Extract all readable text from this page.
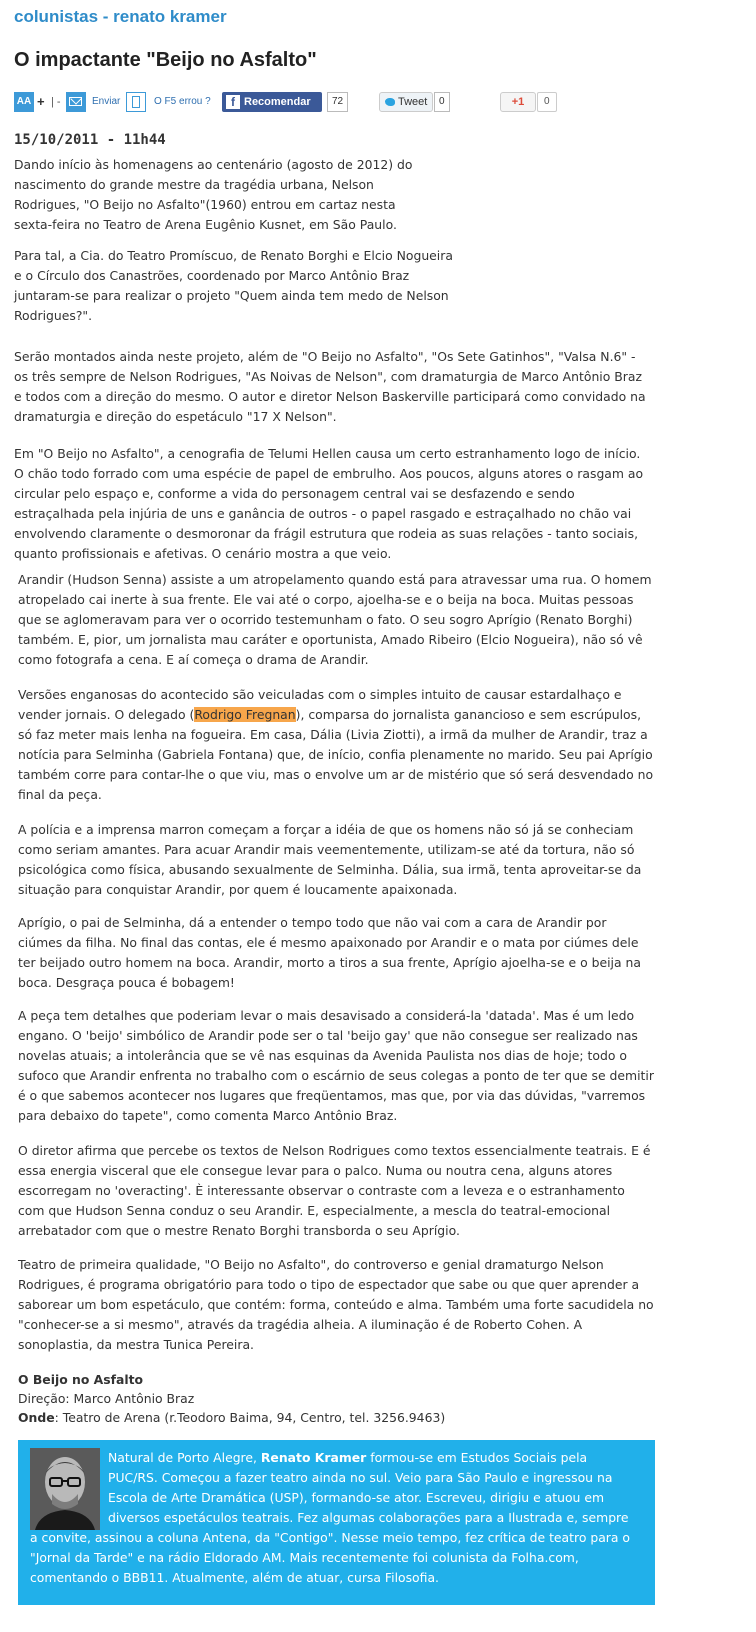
colunistas - renato kramer
O impactante "Beijo no Asfalto"
AA + | -	Enviar	O F5 errou ?	f Recomendar	72	Tweet	0	+1	0
15/10/2011 - 11h44

Dando início às homenagens ao centenário (agosto de 2012) do nascimento do grande mestre da tragédia urbana, Nelson Rodrigues, "O Beijo no Asfalto"(1960) entrou em cartaz nesta sexta-feira no Teatro de Arena Eugênio Kusnet, em São Paulo.

Para tal, a Cia. do Teatro Promíscuo, de Renato Borghi e Elcio Nogueira e o Círculo dos Canastrões, coordenado por Marco Antônio Braz juntaram-se para realizar o projeto "Quem ainda tem medo de Nelson Rodrigues?".

Serão montados ainda neste projeto, além de "O Beijo no Asfalto", "Os Sete Gatinhos", "Valsa N.6" - os três sempre de Nelson Rodrigues, "As Noivas de Nelson", com dramaturgia de Marco Antônio Braz e todos com a direção do mesmo. O autor e diretor Nelson Baskerville participará como convidado na dramaturgia e direção do espetáculo "17 X Nelson".

Em "O Beijo no Asfalto", a cenografia de Telumi Hellen causa um certo estranhamento logo de início. O chão todo forrado com uma espécie de papel de embrulho. Aos poucos, alguns atores o rasgam ao circular pelo espaço e, conforme a vida do personagem central vai se desfazendo e sendo estraçalhada pela injúria de uns e ganância de outros - o papel rasgado e estraçalhado no chão vai envolvendo claramente o desmoronar da frágil estrutura que rodeia as suas relações - tanto sociais, quanto profissionais e afetivas. O cenário mostra a que veio.

Arandir (Hudson Senna) assiste a um atropelamento quando está para atravessar uma rua. O homem atropelado cai inerte à sua frente. Ele vai até o corpo, ajoelha-se e o beija na boca. Muitas pessoas que se aglomeravam para ver o ocorrido testemunham o fato. O seu sogro Aprígio (Renato Borghi) também. E, pior, um jornalista mau caráter e oportunista, Amado Ribeiro (Elcio Nogueira), não só vê como fotografa a cena. E aí começa o drama de Arandir.

Versões enganosas do acontecido são veiculadas com o simples intuito de causar estardalhaço e vender jornais. O delegado (Rodrigo Fregnan), comparsa do jornalista ganancioso e sem escrúpulos, só faz meter mais lenha na fogueira. Em casa, Dália (Livia Ziotti), a irmã da mulher de Arandir, traz a notícia para Selminha (Gabriela Fontana) que, de início, confia plenamente no marido. Seu pai Aprígio também corre para contar-lhe o que viu, mas o envolve um ar de mistério que só será desvendado no final da peça.

A polícia e a imprensa marron começam a forçar a idéia de que os homens não só já se conheciam como seriam amantes. Para acuar Arandir mais veementemente, utilizam-se até da tortura, não só psicológica como física, abusando sexualmente de Selminha. Dália, sua irmã, tenta aproveitar-se da situação para conquistar Arandir, por quem é loucamente apaixonada.

Aprígio, o pai de Selminha, dá a entender o tempo todo que não vai com a cara de Arandir por ciúmes da filha. No final das contas, ele é mesmo apaixonado por Arandir e o mata por ciúmes dele ter beijado outro homem na boca. Arandir, morto a tiros a sua frente, Aprígio ajoelha-se e o beija na boca. Desgraça pouca é bobagem!

A peça tem detalhes que poderiam levar o mais desavisado a considerá-la 'datada'. Mas é um ledo engano. O 'beijo' simbólico de Arandir pode ser o tal 'beijo gay' que não consegue ser realizado nas novelas atuais; a intolerância que se vê nas esquinas da Avenida Paulista nos dias de hoje; todo o sufoco que Arandir enfrenta no trabalho com o escárnio de seus colegas a ponto de ter que se demitir é o que sabemos acontecer nos lugares que freqüentamos, mas que, por via das dúvidas, "varremos para debaixo do tapete", como comenta Marco Antônio Braz.

O diretor afirma que percebe os textos de Nelson Rodrigues como textos essencialmente teatrais. E é essa energia visceral que ele consegue levar para o palco. Numa ou noutra cena, alguns atores escorregam no 'overacting'. È interessante observar o contraste com a leveza e o estranhamento com que Hudson Senna conduz o seu Arandir. E, especialmente, a mescla do teatral-emocional arrebatador com que o mestre Renato Borghi transborda o seu Aprígio.

Teatro de primeira qualidade, "O Beijo no Asfalto", do controverso e genial dramaturgo Nelson Rodrigues, é programa obrigatório para todo o tipo de espectador que sabe ou que quer aprender a saborear um bom espetáculo, que contém: forma, conteúdo e alma. Também uma forte sacudidela no "conhecer-se a si mesmo", através da tragédia alheia. A iluminação é de Roberto Cohen. A sonoplastia, da mestra Tunica Pereira.

O Beijo no Asfalto
Direção: Marco Antônio Braz
Onde: Teatro de Arena (r.Teodoro Baima, 94, Centro, tel. 3256.9463)
Natural de Porto Alegre, Renato Kramer formou-se em Estudos Sociais pela PUC/RS. Começou a fazer teatro ainda no sul. Veio para São Paulo e ingressou na Escola de Arte Dramática (USP), formando-se ator. Escreveu, dirigiu e atuou em diversos espetáculos teatrais. Fez algumas colaborações para a Ilustrada e, sempre a convite, assinou a coluna Antena, da "Contigo". Nesse meio tempo, fez crítica de teatro para o "Jornal da Tarde" e na rádio Eldorado AM. Mais recentemente foi colunista da Folha.com, comentando o BBB11. Atualmente, além de atuar, cursa Filosofia.
